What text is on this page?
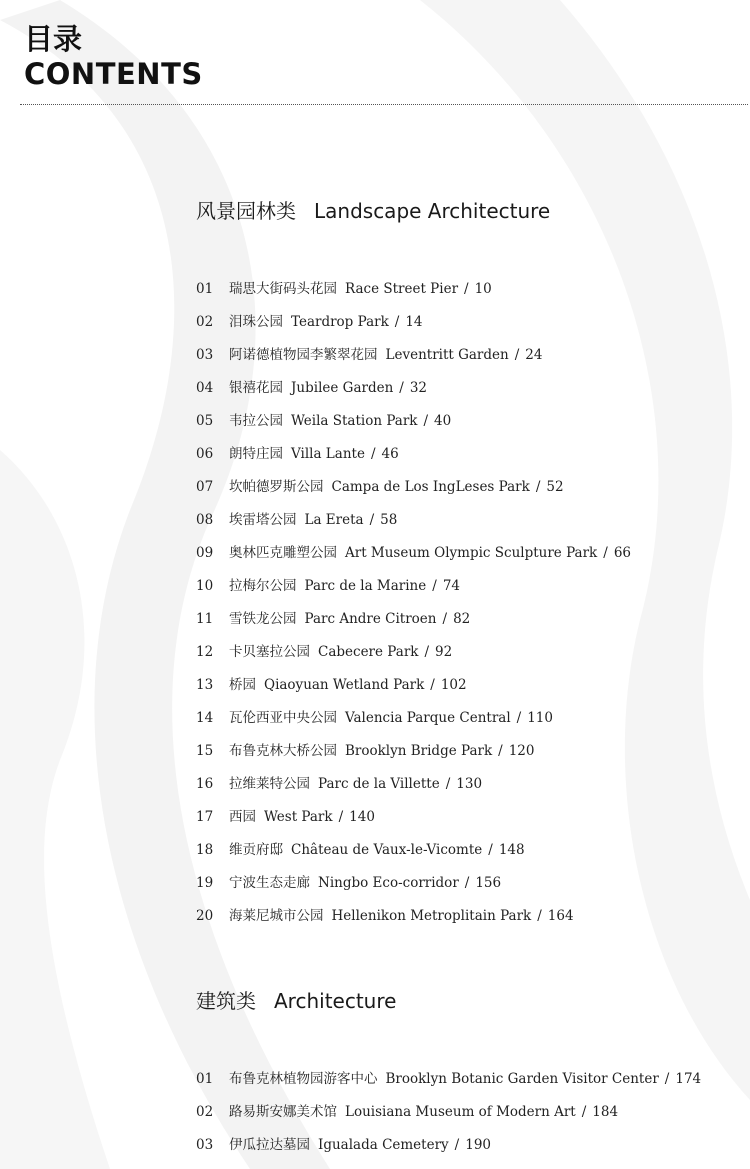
目录
CONTENTS
风景园林类 Landscape Architecture
01 瑞思大街码头花园 Race Street Pier / 10
02 泪珠公园 Teardrop Park / 14
03 阿诺德植物园李繁翠花园 Leventritt Garden / 24
04 银禧花园 Jubilee Garden / 32
05 韦拉公园 Weila Station Park / 40
06 朗特庄园 Villa Lante / 46
07 坎帕德罗斯公园 Campa de Los IngLeses Park / 52
08 埃雷塔公园 La Ereta / 58
09 奥林匹克雕塑公园 Art Museum Olympic Sculpture Park / 66
10 拉梅尔公园 Parc de la Marine / 74
11 雪铁龙公园 Parc Andre Citroen / 82
12 卡贝塞拉公园 Cabecere Park / 92
13 桥园 Qiaoyuan Wetland Park / 102
14 瓦伦西亚中央公园 Valencia Parque Central / 110
15 布鲁克林大桥公园 Brooklyn Bridge Park / 120
16 拉维莱特公园 Parc de la Villette / 130
17 西园 West Park / 140
18 维贡府邸 Château de Vaux-le-Vicomte / 148
19 宁波生态走廊 Ningbo Eco-corridor / 156
20 海莱尼城市公园 Hellenikon Metroplitain Park / 164
建筑类 Architecture
01 布鲁克林植物园游客中心 Brooklyn Botanic Garden Visitor Center / 174
02 路易斯安娜美术馆 Louisiana Museum of Modern Art / 184
03 伊瓜拉达墓园 Igualada Cemetery / 190
